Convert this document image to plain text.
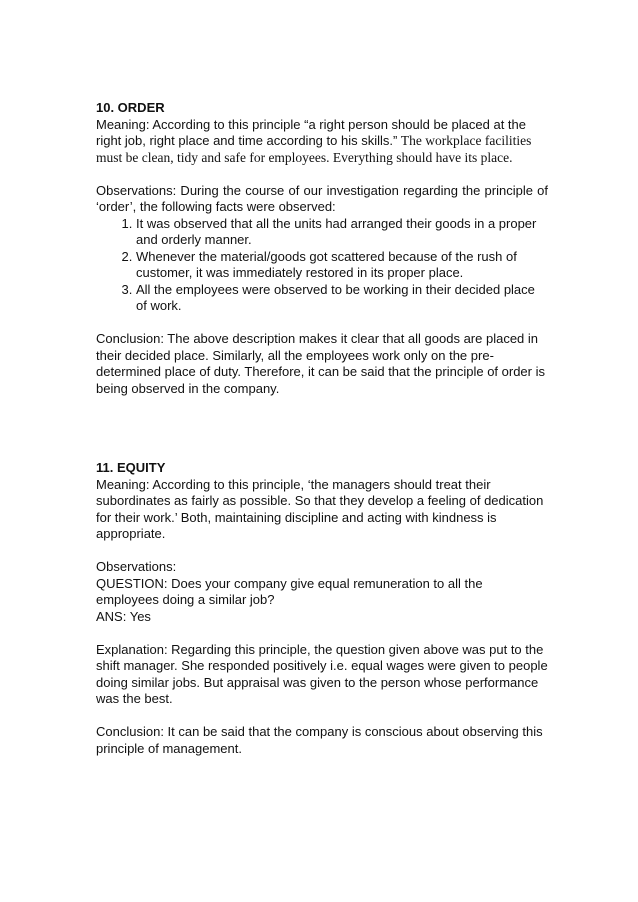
10. ORDER
Meaning: According to this principle “a right person should be placed at the
right job, right place and time according to his skills.” The workplace facilities
must be clean, tidy and safe for employees. Everything should have its place.

Observations: During the course of our investigation regarding the principle of ‘order’, the following facts were observed:

1. It was observed that all the units had arranged their goods in a proper and orderly manner.
2. Whenever the material/goods got scattered because of the rush of customer, it was immediately restored in its proper place.
3. All the employees were observed to be working in their decided place of work.

Conclusion: The above description makes it clear that all goods are placed in their decided place. Similarly, all the employees work only on the pre-determined place of duty. Therefore, it can be said that the principle of order is being observed in the company.

11. EQUITY

Meaning: According to this principle, ‘the managers should treat their subordinates as fairly as possible. So that they develop a feeling of dedication for their work.’ Both, maintaining discipline and acting with kindness is appropriate.

Observations:

QUESTION: Does your company give equal remuneration to all the employees doing a similar job?

ANS: Yes

Explanation: Regarding this principle, the question given above was put to the shift manager. She responded positively i.e. equal wages were given to people doing similar jobs. But appraisal was given to the person whose performance was the best.

Conclusion: It can be said that the company is conscious about observing this principle of management.
